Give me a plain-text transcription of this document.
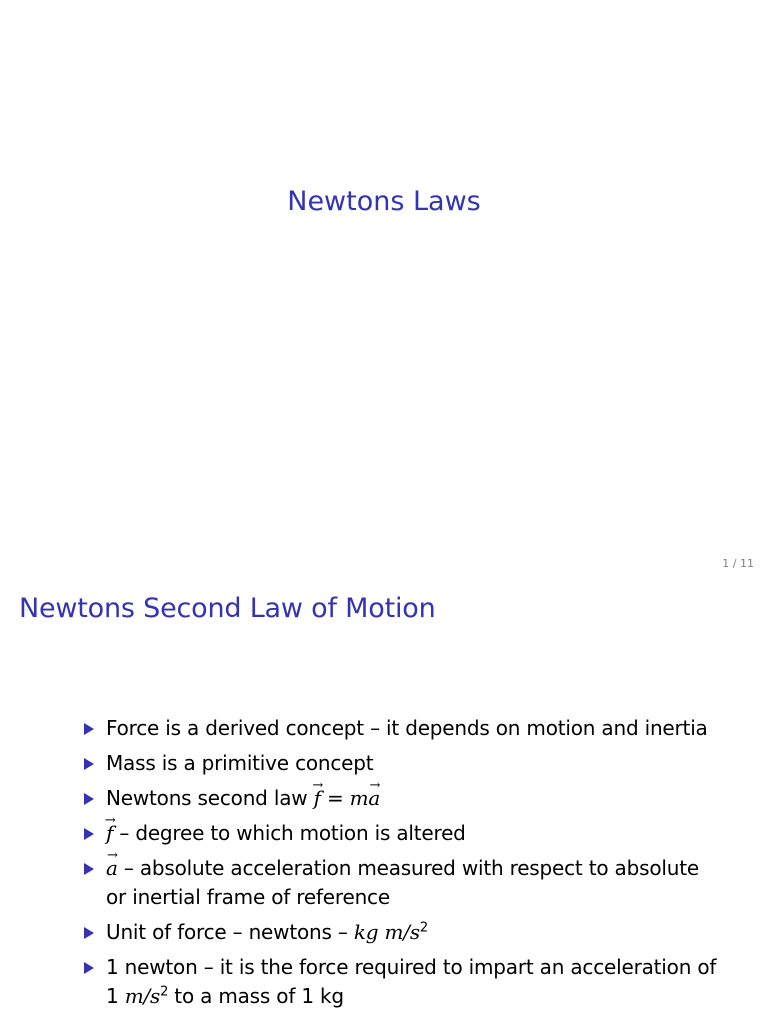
Newtons Laws
1 / 11
Newtons Second Law of Motion
Force is a derived concept – it depends on motion and inertia
Mass is a primitive concept
Newtons second law → f = m→ a
→ f – degree to which motion is altered
→ a – absolute acceleration measured with respect to absolute or inertial frame of reference
Unit of force – newtons – kg $m/s^2$
1 newton – it is the force required to impart an acceleration of 1 $m/s^2$ to a mass of 1 kg
